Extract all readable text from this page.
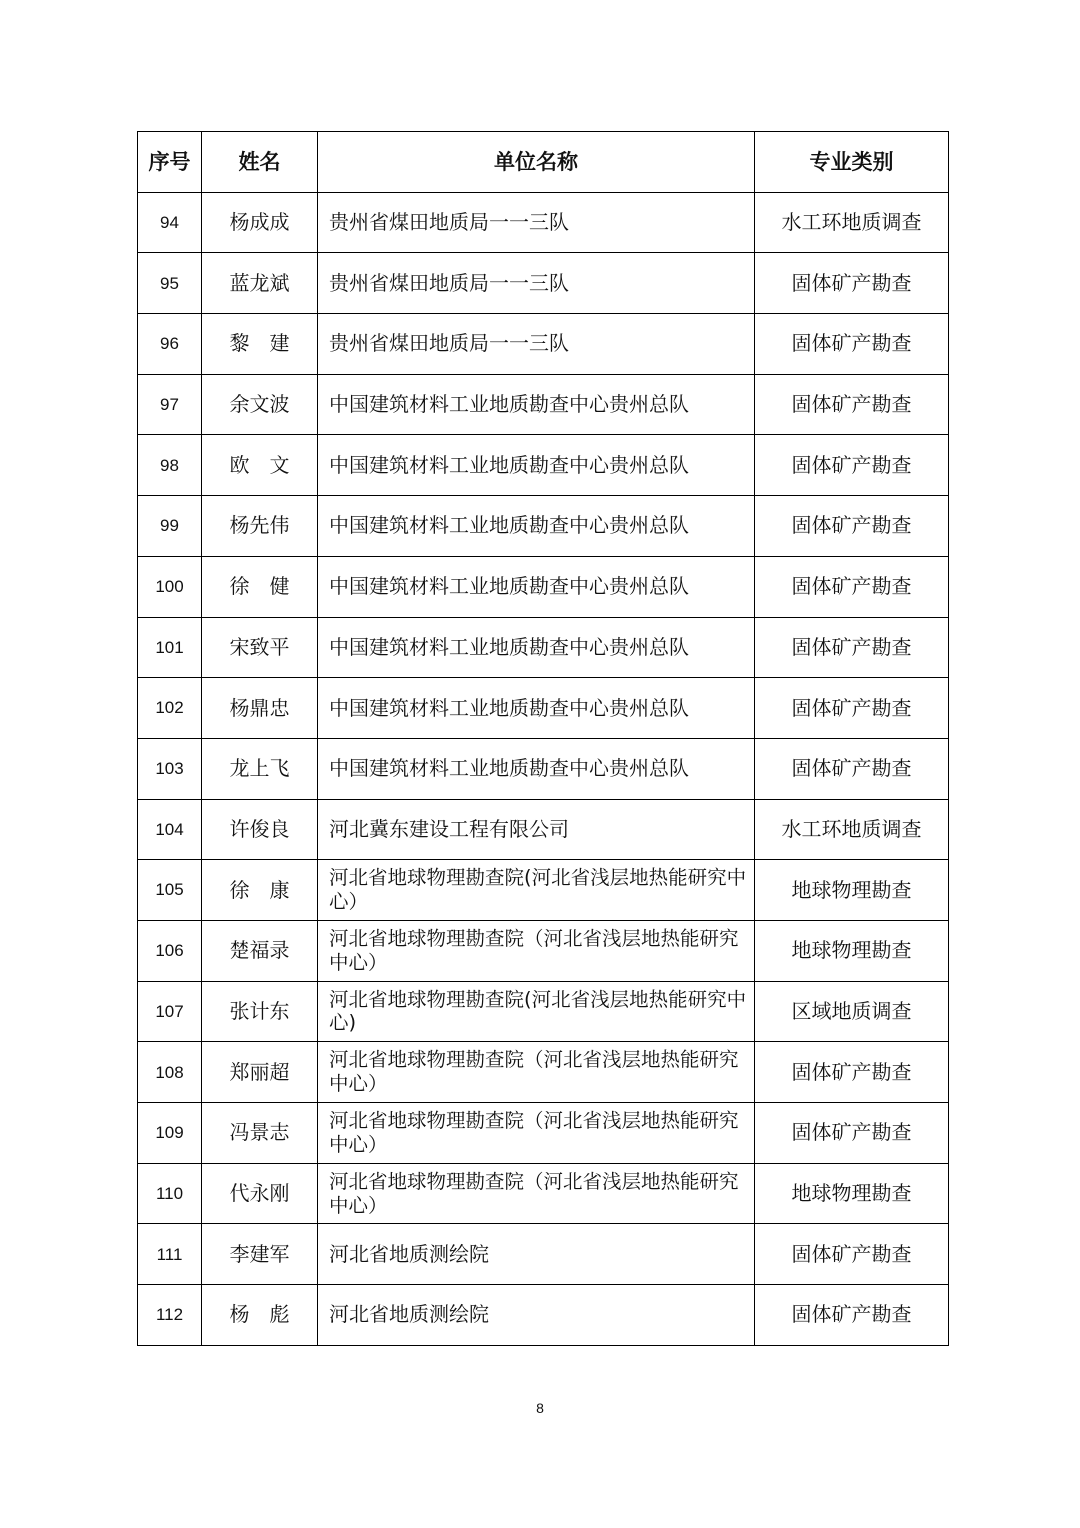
序号	姓名	单位名称	专业类别
94	杨成成	贵州省煤田地质局一一三队	水工环地质调查
95	蓝龙斌	贵州省煤田地质局一一三队	固体矿产勘查
96	黎　建	贵州省煤田地质局一一三队	固体矿产勘查
97	余文波	中国建筑材料工业地质勘查中心贵州总队	固体矿产勘查
98	欧　文	中国建筑材料工业地质勘查中心贵州总队	固体矿产勘查
99	杨先伟	中国建筑材料工业地质勘查中心贵州总队	固体矿产勘查
100	徐　健	中国建筑材料工业地质勘查中心贵州总队	固体矿产勘查
101	宋致平	中国建筑材料工业地质勘查中心贵州总队	固体矿产勘查
102	杨鼎忠	中国建筑材料工业地质勘查中心贵州总队	固体矿产勘查
103	龙上飞	中国建筑材料工业地质勘查中心贵州总队	固体矿产勘查
104	许俊良	河北冀东建设工程有限公司	水工环地质调查
105	徐　康	河北省地球物理勘查院(河北省浅层地热能研究中心）	地球物理勘查
106	楚福录	河北省地球物理勘查院（河北省浅层地热能研究中心）	地球物理勘查
107	张计东	河北省地球物理勘查院(河北省浅层地热能研究中心)	区域地质调查
108	郑丽超	河北省地球物理勘查院（河北省浅层地热能研究中心）	固体矿产勘查
109	冯景志	河北省地球物理勘查院（河北省浅层地热能研究中心）	固体矿产勘查
110	代永刚	河北省地球物理勘查院（河北省浅层地热能研究中心）	地球物理勘查
111	李建军	河北省地质测绘院	固体矿产勘查
112	杨　彪	河北省地质测绘院	固体矿产勘查
8
